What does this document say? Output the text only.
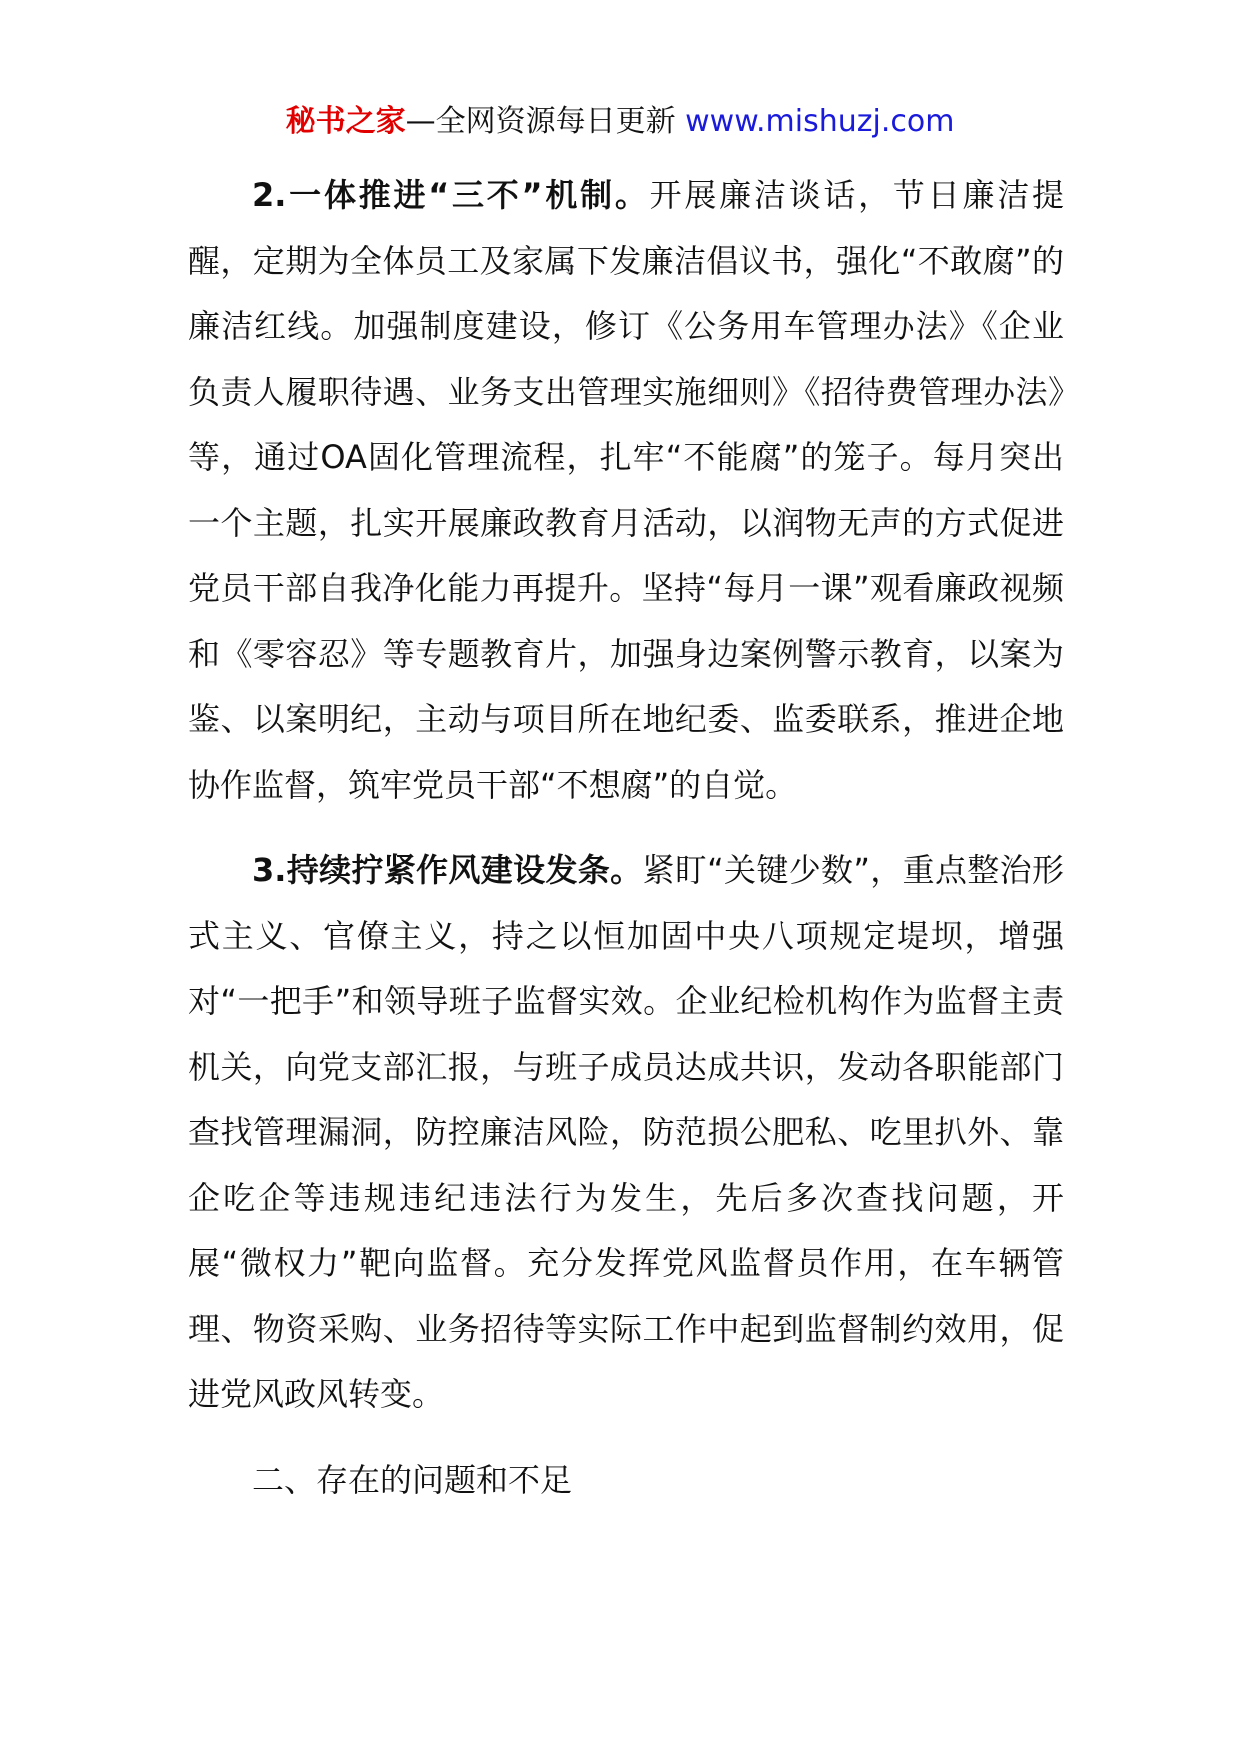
秘书之家—全网资源每日更新 www.mishuzj.com

2.一体推进“三不”机制。开展廉洁谈话，节日廉洁提醒，定期为全体员工及家属下发廉洁倡议书，强化“不敢腐”的廉洁红线。加强制度建设，修订《公务用车管理办法》《企业负责人履职待遇、业务支出管理实施细则》《招待费管理办法》等，通过OA固化管理流程，扎牢“不能腐”的笼子。每月突出一个主题，扎实开展廉政教育月活动，以润物无声的方式促进党员干部自我净化能力再提升。坚持“每月一课”观看廉政视频和《零容忍》等专题教育片，加强身边案例警示教育，以案为鉴、以案明纪，主动与项目所在地纪委、监委联系，推进企地协作监督，筑牢党员干部“不想腐”的自觉。

3.持续拧紧作风建设发条。紧盯“关键少数”，重点整治形式主义、官僚主义，持之以恒加固中央八项规定堤坝，增强对“一把手”和领导班子监督实效。企业纪检机构作为监督主责机关，向党支部汇报，与班子成员达成共识，发动各职能部门查找管理漏洞，防控廉洁风险，防范损公肥私、吃里扒外、靠企吃企等违规违纪违法行为发生，先后多次查找问题，开展“微权力”靶向监督。充分发挥党风监督员作用，在车辆管理、物资采购、业务招待等实际工作中起到监督制约效用，促进党风政风转变。

二、存在的问题和不足
